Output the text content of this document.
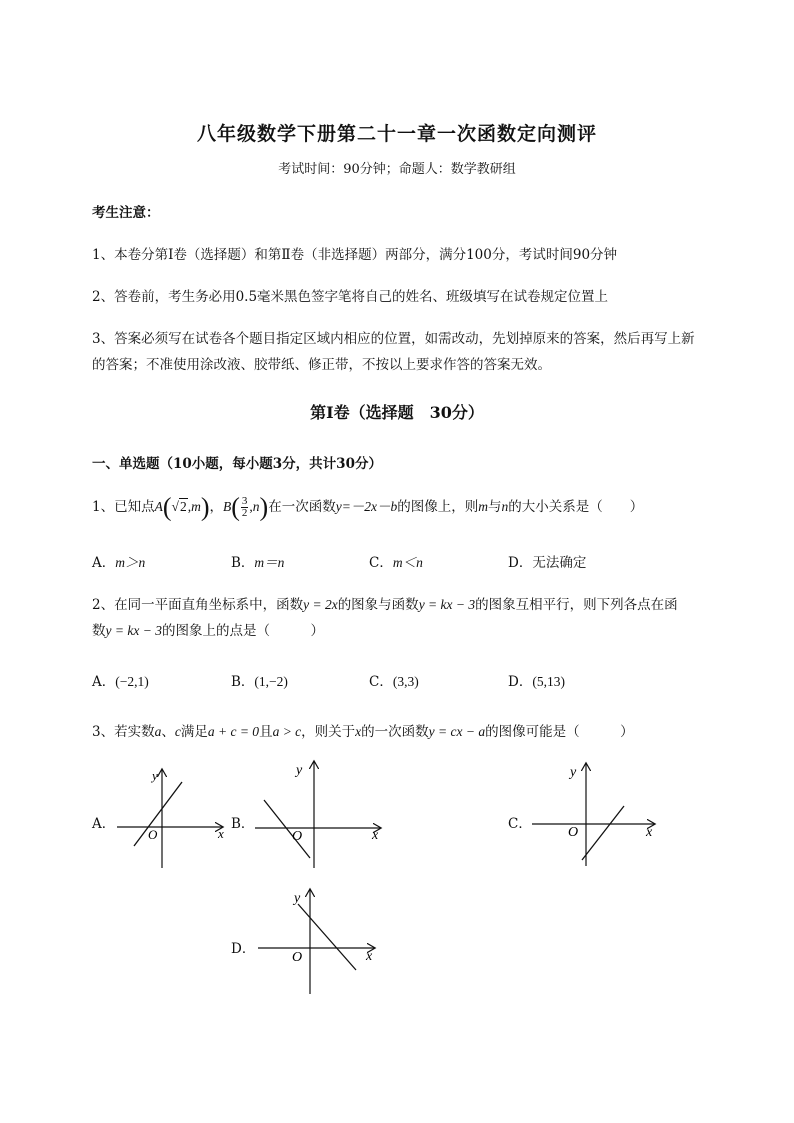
八年级数学下册第二十一章一次函数定向测评
考试时间：90分钟；命题人：数学教研组
考生注意：
1、本卷分第I卷（选择题）和第Ⅱ卷（非选择题）两部分，满分100分，考试时间90分钟
2、答卷前，考生务必用0.5毫米黑色签字笔将自己的姓名、班级填写在试卷规定位置上
3、答案必须写在试卷各个题目指定区域内相应的位置，如需改动，先划掉原来的答案，然后再写上新
的答案；不准使用涂改液、胶带纸、修正带，不按以上要求作答的答案无效。
第I卷（选择题　30分）
一、单选题（10小题，每小题3分，共计30分）
1、已知点A(√2,m)，$B( \frac{3}{2} ,n)$在一次函数y=－2x－b的图像上，则m与n的大小关系是（　　）
A．m＞n	B．m＝n	C．m＜n	D．无法确定
2、在同一平面直角坐标系中，函数y = 2x的图象与函数y = kx − 3的图象互相平行，则下列各点在函
数y = kx − 3的图象上的点是（　　　）
A．(−2,1)	B．(1,−2)	C．(3,3)	D．(5,13)
3、若实数a、c满足a + c = 0且a > c，则关于x的一次函数y = cx − a的图像可能是（　　　）
A．	B．	C．
D．
y
x
O
y
x
O
y
x
O
y
x
O
